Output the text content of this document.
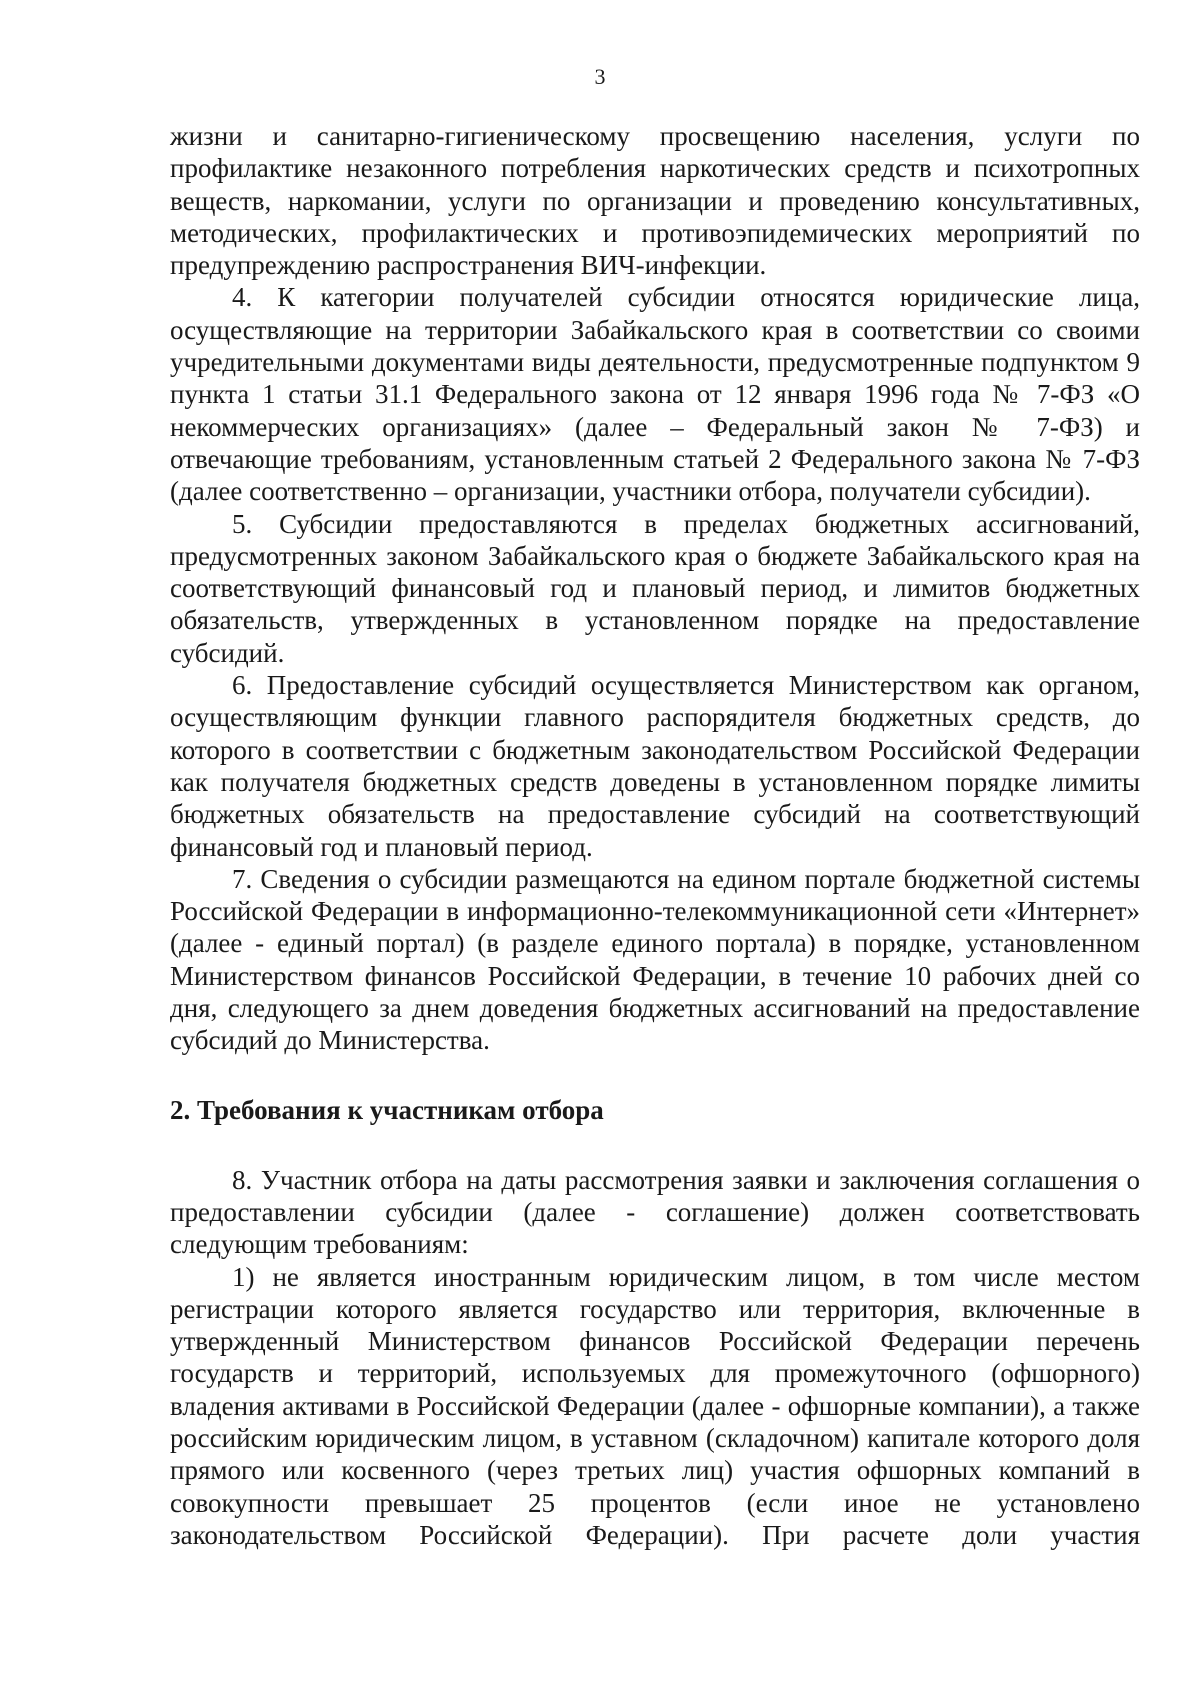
3

жизни и санитарно-гигиеническому просвещению населения, услуги по профилактике незаконного потребления наркотических средств и психотропных веществ, наркомании, услуги по организации и проведению консультативных, методических, профилактических и противоэпидемических мероприятий по предупреждению распространения ВИЧ-инфекции.

4. К категории получателей субсидии относятся юридические лица, осуществляющие на территории Забайкальского края в соответствии со своими учредительными документами виды деятельности, предусмотренные подпунктом 9 пункта 1 статьи 31.1 Федерального закона от 12 января 1996 года № 7-ФЗ «О некоммерческих организациях» (далее – Федеральный закон № 7-ФЗ) и отвечающие требованиям, установленным статьей 2 Федерального закона № 7-ФЗ (далее соответственно – организации, участники отбора, получатели субсидии).

5. Субсидии предоставляются в пределах бюджетных ассигнований, предусмотренных законом Забайкальского края о бюджете Забайкальского края на соответствующий финансовый год и плановый период, и лимитов бюджетных обязательств, утвержденных в установленном порядке на предоставление субсидий.

6. Предоставление субсидий осуществляется Министерством как органом, осуществляющим функции главного распорядителя бюджетных средств, до которого в соответствии с бюджетным законодательством Российской Федерации как получателя бюджетных средств доведены в установленном порядке лимиты бюджетных обязательств на предоставление субсидий на соответствующий финансовый год и плановый период.

7. Сведения о субсидии размещаются на едином портале бюджетной системы Российской Федерации в информационно-телекоммуникационной сети «Интернет» (далее - единый портал) (в разделе единого портала) в порядке, установленном Министерством финансов Российской Федерации, в течение 10 рабочих дней со дня, следующего за днем доведения бюджетных ассигнований на предоставление субсидий до Министерства.

2. Требования к участникам отбора

8. Участник отбора на даты рассмотрения заявки и заключения соглашения о предоставлении субсидии (далее - соглашение) должен соответствовать следующим требованиям:

1) не является иностранным юридическим лицом, в том числе местом регистрации которого является государство или территория, включенные в утвержденный Министерством финансов Российской Федерации перечень государств и территорий, используемых для промежуточного (офшорного) владения активами в Российской Федерации (далее - офшорные компании), а также российским юридическим лицом, в уставном (складочном) капитале которого доля прямого или косвенного (через третьих лиц) участия офшорных компаний в совокупности превышает 25 процентов (если иное не установлено законодательством Российской Федерации). При расчете доли участия
